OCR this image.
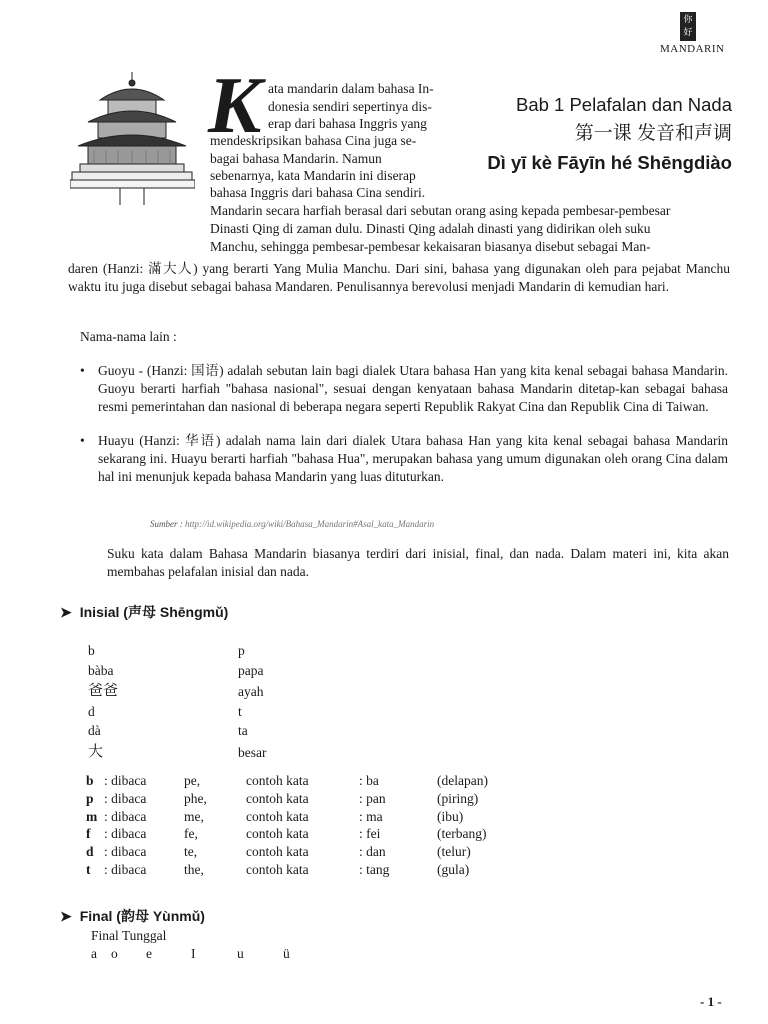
你
好
MANDARIN
K ata mandarin dalam bahasa In-
donesia sendiri sepertinya dis-
erap dari bahasa Inggris yang
mendeskripsikan bahasa Cina juga se-
bagai bahasa Mandarin. Namun
sebenarnya, kata Mandarin ini diserap
bahasa Inggris dari bahasa Cina sendiri.
Bab 1 Pelafalan dan Nada
第一课 发音和声调
Dì yī kè Fāyīn hé Shēngdiào
Mandarin secara harfiah berasal dari sebutan orang asing kepada pembesar-pembesar
Dinasti Qing di zaman dulu. Dinasti Qing adalah dinasti yang didirikan oleh suku
Manchu, sehingga pembesar-pembesar kekaisaran biasanya disebut sebagai Man-
daren (Hanzi: 滿大人) yang berarti Yang Mulia Manchu. Dari sini, bahasa yang digunakan oleh para pejabat Manchu waktu itu juga disebut sebagai bahasa Mandaren. Penulisannya berevolusi menjadi Mandarin di kemudian hari.
Nama-nama lain :
• Guoyu - (Hanzi: 国语) adalah sebutan lain bagi dialek Utara bahasa Han yang kita kenal sebagai bahasa Mandarin. Guoyu berarti harfiah "bahasa nasional", sesuai dengan kenyataan bahasa Mandarin ditetap-kan sebagai bahasa resmi pemerintahan dan nasional di beberapa negara seperti Republik Rakyat Cina dan Republik Cina di Taiwan.
• Huayu (Hanzi: 华语) adalah nama lain dari dialek Utara bahasa Han yang kita kenal sebagai bahasa Mandarin sekarang ini. Huayu berarti harfiah "bahasa Hua", merupakan bahasa yang umum digunakan oleh orang Cina dalam hal ini menunjuk kepada bahasa Mandarin yang luas dituturkan.
Sumber : http://id.wikipedia.org/wiki/Bahasa_Mandarin#Asal_kata_Mandarin
Suku kata dalam Bahasa Mandarin biasanya terdiri dari inisial, final, dan nada. Dalam materi ini, kita akan membahas pelafalan inisial dan nada.
➤ Inisial (声母 Shēngmǔ)
b	p
bàba	papa
爸爸	ayah
d	t
dà	ta
大	besar
b : dibaca	pe,	contoh kata	: ba	(delapan)
p : dibaca	phe,	contoh kata	: pan	(piring)
m : dibaca	me,	contoh kata	: ma	(ibu)
f	: dibaca	fe,	contoh kata	: fei	(terbang)
d : dibaca	te,	contoh kata	: dan	(telur)
t	: dibaca	the,	contoh kata	: tang	(gula)
➤ Final (韵母 Yùnmǔ)
Final Tunggal
a o e	I	u	ü
- 1 -
